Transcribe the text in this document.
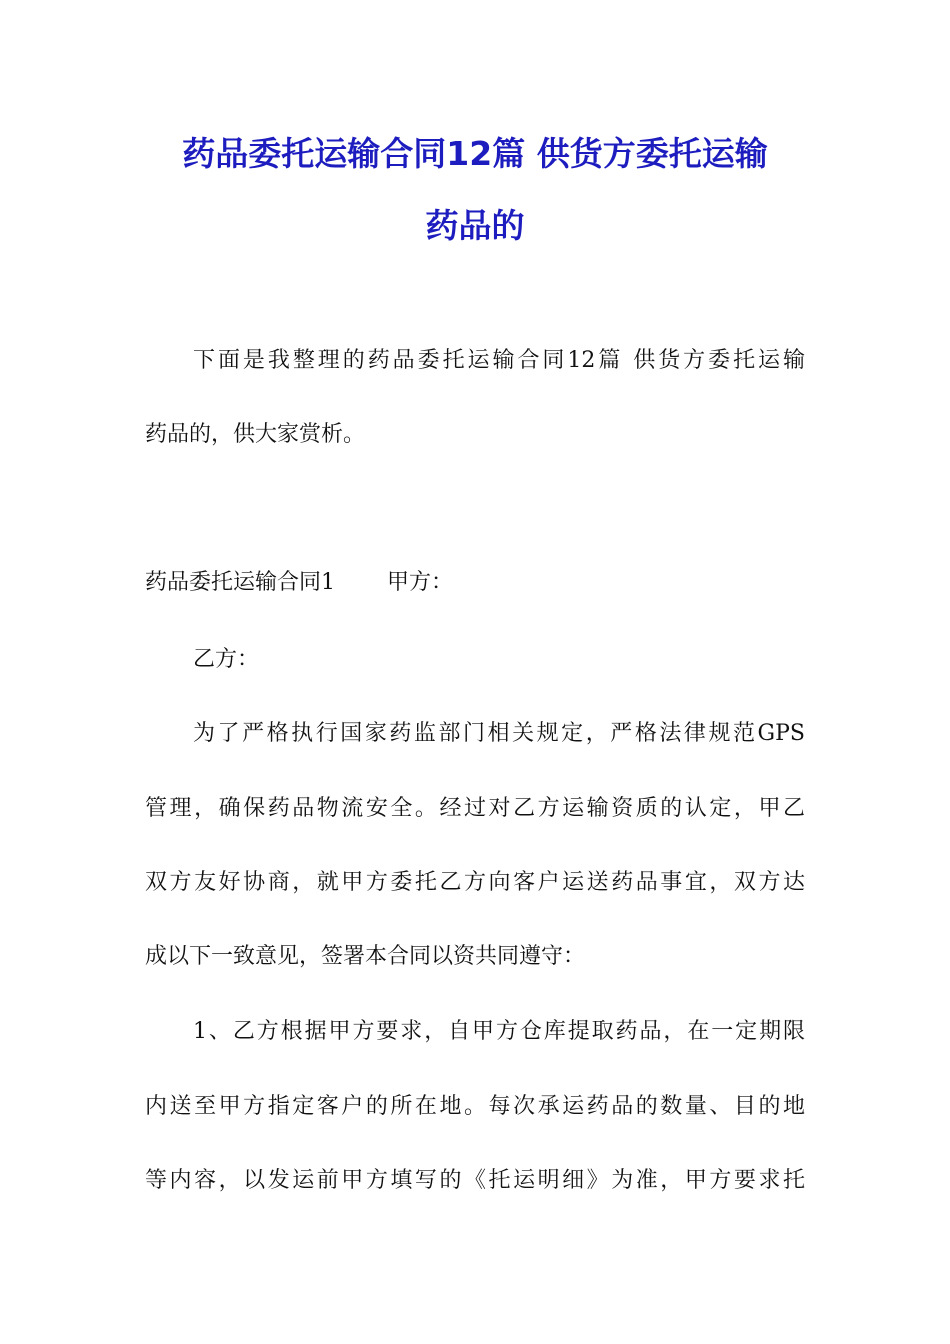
药品委托运输合同12篇 供货方委托运输
药品的
下面是我整理的药品委托运输合同12篇 供货方委托运输
药品的，供大家赏析。
药品委托运输合同1 甲方：
乙方：
为了严格执行国家药监部门相关规定，严格法律规范GPS
管理，确保药品物流安全。经过对乙方运输资质的认定，甲乙
双方友好协商，就甲方委托乙方向客户运送药品事宜，双方达
成以下一致意见，签署本合同以资共同遵守：
1、乙方根据甲方要求，自甲方仓库提取药品，在一定期限
内送至甲方指定客户的所在地。每次承运药品的数量、目的地
等内容，以发运前甲方填写的《托运明细》为准，甲方要求托
